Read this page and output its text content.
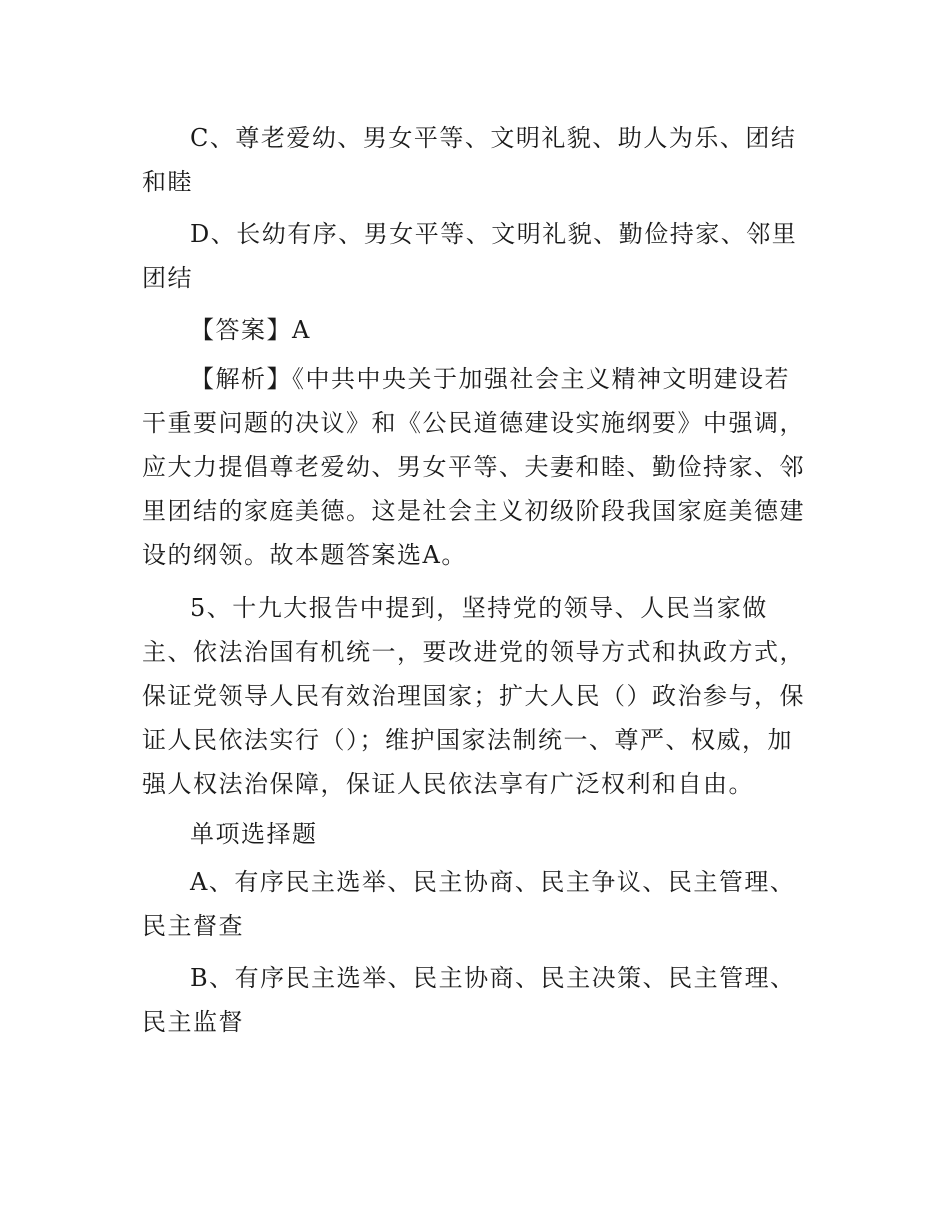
C、尊老爱幼、男女平等、文明礼貌、助人为乐、团结和睦

D、长幼有序、男女平等、文明礼貌、勤俭持家、邻里团结

【答案】A

【解析】《中共中央关于加强社会主义精神文明建设若干重要问题的决议》和《公民道德建设实施纲要》中强调，应大力提倡尊老爱幼、男女平等、夫妻和睦、勤俭持家、邻里团结的家庭美德。这是社会主义初级阶段我国家庭美德建设的纲领。故本题答案选A。

5、十九大报告中提到，坚持党的领导、人民当家做主、依法治国有机统一，要改进党的领导方式和执政方式，保证党领导人民有效治理国家；扩大人民（）政治参与，保证人民依法实行（）；维护国家法制统一、尊严、权威，加强人权法治保障，保证人民依法享有广泛权利和自由。

单项选择题

A、有序民主选举、民主协商、民主争议、民主管理、民主督查

B、有序民主选举、民主协商、民主决策、民主管理、民主监督
